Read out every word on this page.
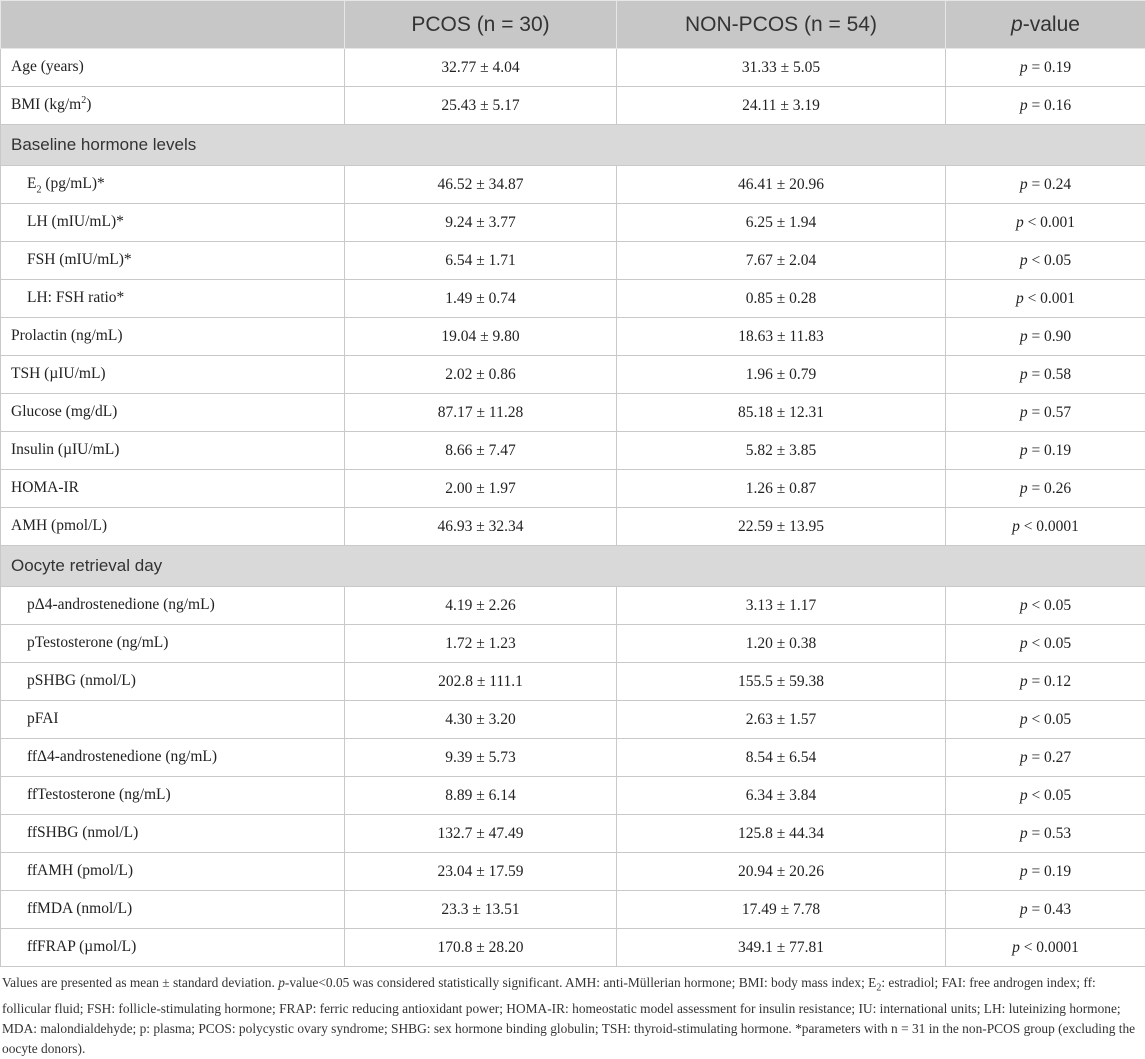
	PCOS (n = 30)	NON-PCOS (n = 54)	p-value
Age (years)	32.77 ± 4.04	31.33 ± 5.05	p = 0.19
BMI $(kg/m^2)$	25.43 ± 5.17	24.11 ± 3.19	p = 0.16
Baseline hormone levels			
$E_2$ (pg/mL)*	46.52 ± 34.87	46.41 ± 20.96	p = 0.24
LH (mIU/mL)*	9.24 ± 3.77	6.25 ± 1.94	p < 0.001
FSH (mIU/mL)*	6.54 ± 1.71	7.67 ± 2.04	p < 0.05
LH: FSH ratio*	1.49 ± 0.74	0.85 ± 0.28	p < 0.001
Prolactin (ng/mL)	19.04 ± 9.80	18.63 ± 11.83	p = 0.90
TSH (µIU/mL)	2.02 ± 0.86	1.96 ± 0.79	p = 0.58
Glucose (mg/dL)	87.17 ± 11.28	85.18 ± 12.31	p = 0.57
Insulin (µIU/mL)	8.66 ± 7.47	5.82 ± 3.85	p = 0.19
HOMA-IR	2.00 ± 1.97	1.26 ± 0.87	p = 0.26
AMH (pmol/L)	46.93 ± 32.34	22.59 ± 13.95	p < 0.0001
Oocyte retrieval day			
pΔ4-androstenedione (ng/mL)	4.19 ± 2.26	3.13 ± 1.17	p < 0.05
pTestosterone (ng/mL)	1.72 ± 1.23	1.20 ± 0.38	p < 0.05
pSHBG (nmol/L)	202.8 ± 111.1	155.5 ± 59.38	p = 0.12
pFAI	4.30 ± 3.20	2.63 ± 1.57	p < 0.05
ffΔ4-androstenedione (ng/mL)	9.39 ± 5.73	8.54 ± 6.54	p = 0.27
ffTestosterone (ng/mL)	8.89 ± 6.14	6.34 ± 3.84	p < 0.05
ffSHBG (nmol/L)	132.7 ± 47.49	125.8 ± 44.34	p = 0.53
ffAMH (pmol/L)	23.04 ± 17.59	20.94 ± 20.26	p = 0.19
ffMDA (nmol/L)	23.3 ± 13.51	17.49 ± 7.78	p = 0.43
ffFRAP (µmol/L)	170.8 ± 28.20	349.1 ± 77.81	p < 0.0001
Values are presented as mean ± standard deviation. p-value<0.05 was considered statistically significant. AMH: anti-Müllerian hormone; BMI: body mass index; $E_2$: estradiol; FAI: free androgen index; ff: follicular fluid; FSH: follicle-stimulating hormone; FRAP: ferric reducing antioxidant power; HOMA-IR: homeostatic model assessment for insulin resistance; IU: international units; LH: luteinizing hormone; MDA: malondialdehyde; p: plasma; PCOS: polycystic ovary syndrome; SHBG: sex hormone binding globulin; TSH: thyroid-stimulating hormone. *parameters with n = 31 in the non-PCOS group (excluding the oocyte donors).
